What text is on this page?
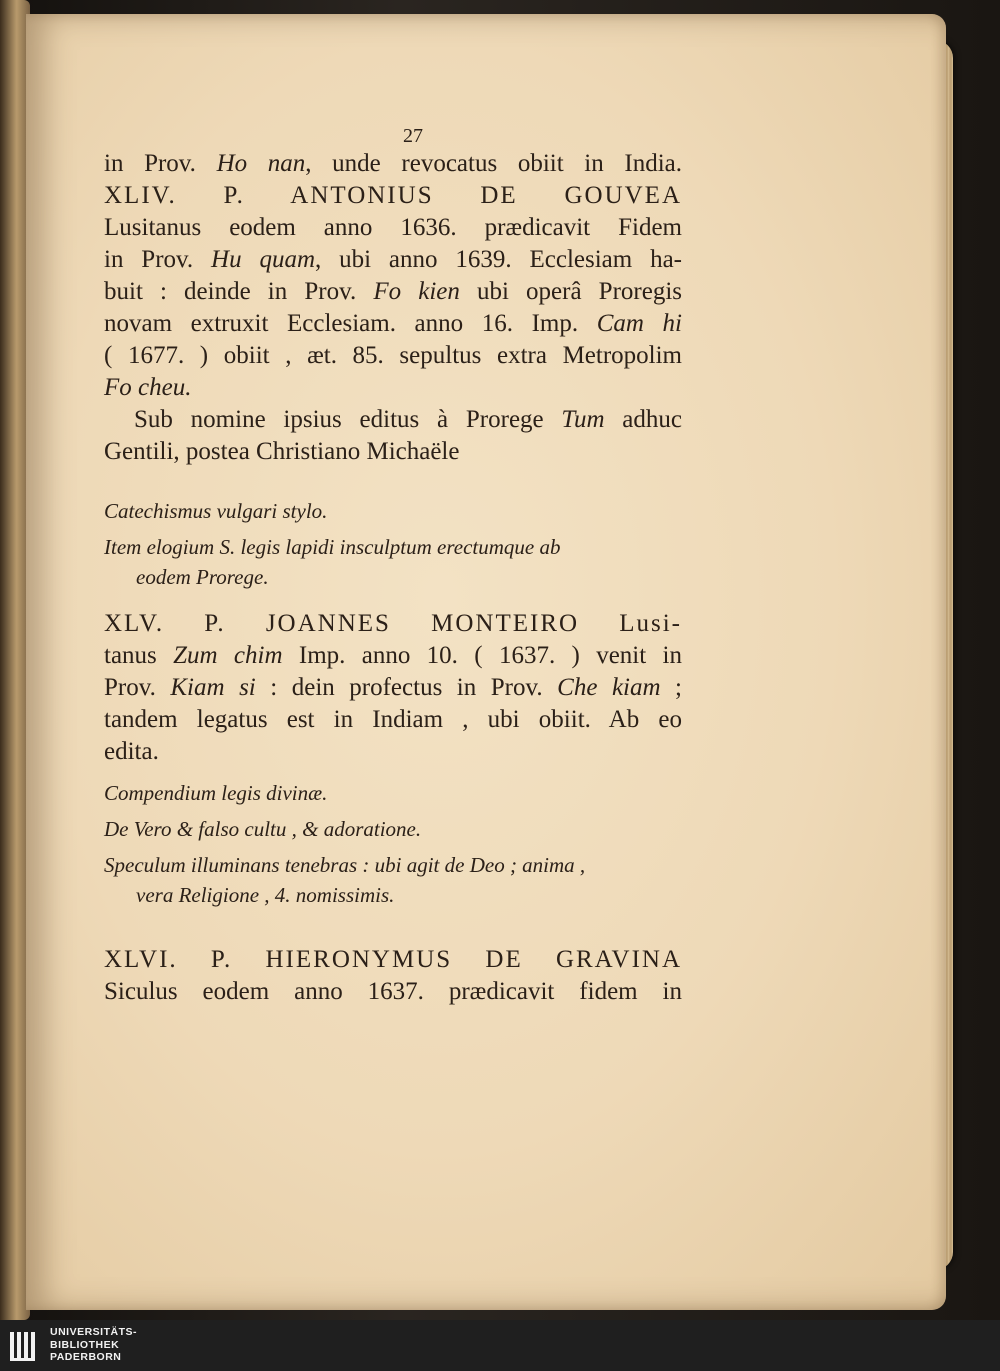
27
in Prov. Ho nan, unde revocatus obiit in India.
XLIV. P. ANTONIUS DE GOUVEA
Lusitanus eodem anno 1636. prædicavit Fidem
in Prov. Hu quam, ubi anno 1639. Ecclesiam ha-
buit : deinde in Prov. Fo kien ubi operâ Proregis
novam extruxit Ecclesiam. anno 16. Imp. Cam hi
( 1677. ) obiit , æt. 85. sepultus extra Metropolim
Fo cheu.
Sub nomine ipsius editus à Prorege Tum adhuc
Gentili, postea Christiano Michaële
Catechismus vulgari stylo.
Item elogium S. legis lapidi insculptum erectumque ab
eodem Prorege.
XLV. P. JOANNES MONTEIRO Lusi-
tanus Zum chim Imp. anno 10. ( 1637. ) venit in
Prov. Kiam si : dein profectus in Prov. Che kiam ;
tandem legatus est in Indiam , ubi obiit. Ab eo
edita.
Compendium legis divinæ.
De Vero & falso cultu , & adoratione.
Speculum illuminans tenebras : ubi agit de Deo ; anima ,
vera Religione , 4. nomissimis.
XLVI. P. HIERONYMUS DE GRAVINA
Siculus eodem anno 1637. prædicavit fidem in
UNIVERSITÄTS-
BIBLIOTHEK
PADERBORN
